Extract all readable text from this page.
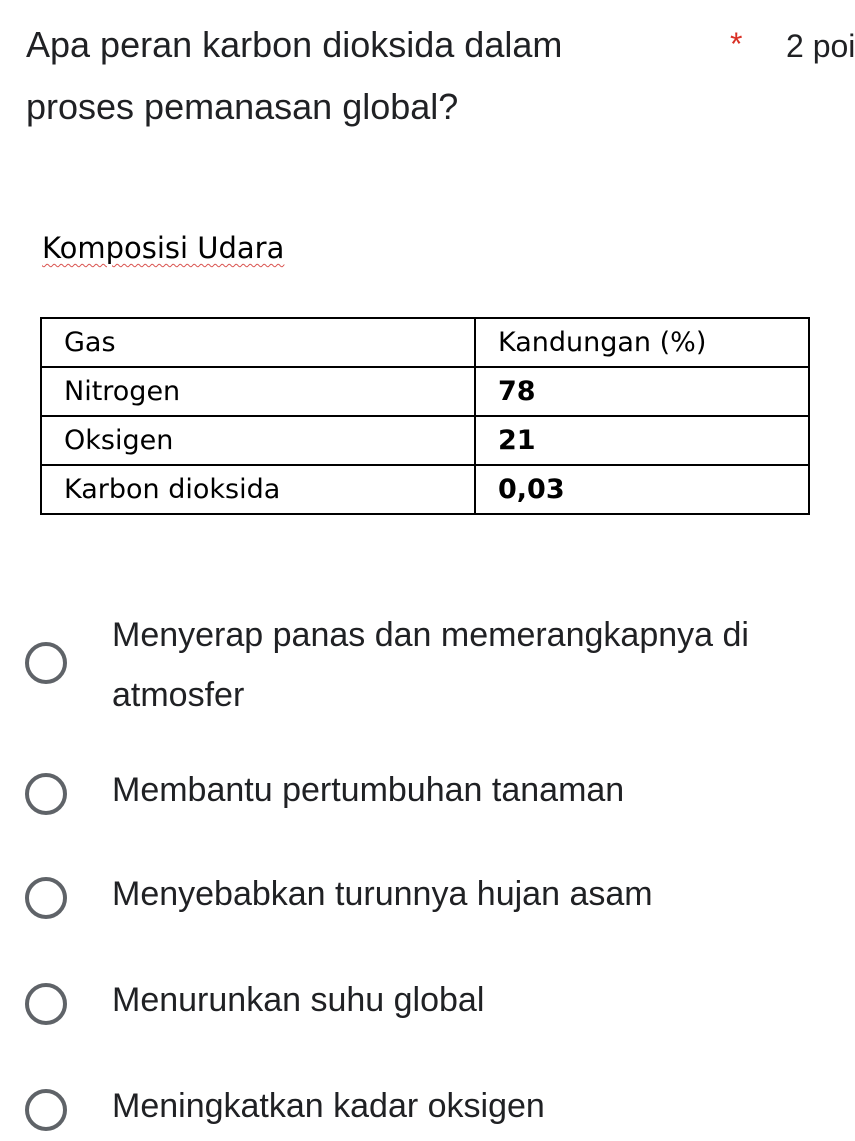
Apa peran karbon dioksida dalam proses pemanasan global?
* 2 poi
Komposisi Udara
Gas	Kandungan (%)
Nitrogen	78
Oksigen	21
Karbon dioksida	0,03
Menyerap panas dan memerangkapnya di atmosfer
Membantu pertumbuhan tanaman
Menyebabkan turunnya hujan asam
Menurunkan suhu global
Meningkatkan kadar oksigen
